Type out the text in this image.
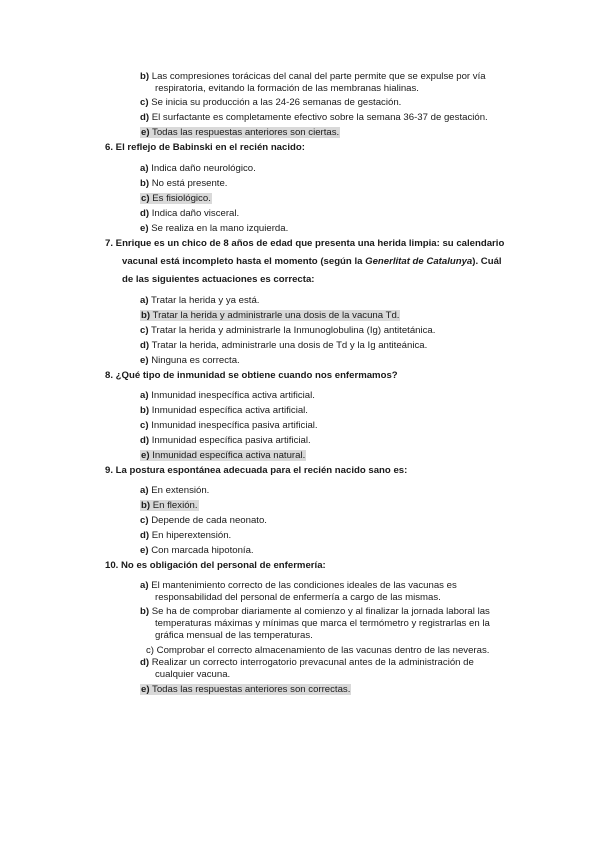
b) Las compresiones torácicas del canal del parte permite que se expulse por vía
respiratoria, evitando la formación de las membranas hialinas.
c) Se inicia su producción a las 24-26 semanas de gestación.
d) El surfactante es completamente efectivo sobre la semana 36-37 de gestación.
e) Todas las respuestas anteriores son ciertas.
6. El reflejo de Babinski en el recién nacido:
a) Indica daño neurológico.
b) No está presente.
c) Es fisiológico.
d) Indica daño visceral.
e) Se realiza en la mano izquierda.
7. Enrique es un chico de 8 años de edad que presenta una herida limpia: su calendario
vacunal está incompleto hasta el momento (según la Generlitat de Catalunya). Cuál
de las siguientes actuaciones es correcta:
a) Tratar la herida y ya está.
b) Tratar la herida y administrarle una dosis de la vacuna Td.
c) Tratar la herida y administrarle la Inmunoglobulina (Ig) antitetánica.
d) Tratar la herida, administrarle una dosis de Td y la Ig antiteánica.
e) Ninguna es correcta.
8. ¿Qué tipo de inmunidad se obtiene cuando nos enfermamos?
a) Inmunidad inespecífica activa artificial.
b) Inmunidad específica activa artificial.
c) Inmunidad inespecífica pasiva artificial.
d) Inmunidad específica pasiva artificial.
e) Inmunidad específica activa natural.
9. La postura espontánea adecuada para el recién nacido sano es:
a) En extensión.
b) En flexión.
c) Depende de cada neonato.
d) En hiperextensión.
e) Con marcada hipotonía.
10. No es obligación del personal de enfermería:
a) El mantenimiento correcto de las condiciones ideales de las vacunas es
responsabilidad del personal de enfermería a cargo de las mismas.
b) Se ha de comprobar diariamente al comienzo y al finalizar la jornada laboral las
temperaturas máximas y mínimas que marca el termómetro y registrarlas en la
gráfica mensual de las temperaturas.
c) Comprobar el correcto almacenamiento de las vacunas dentro de las neveras.
d) Realizar un correcto interrogatorio prevacunal antes de la administración de
cualquier vacuna.
e) Todas las respuestas anteriores son correctas.
